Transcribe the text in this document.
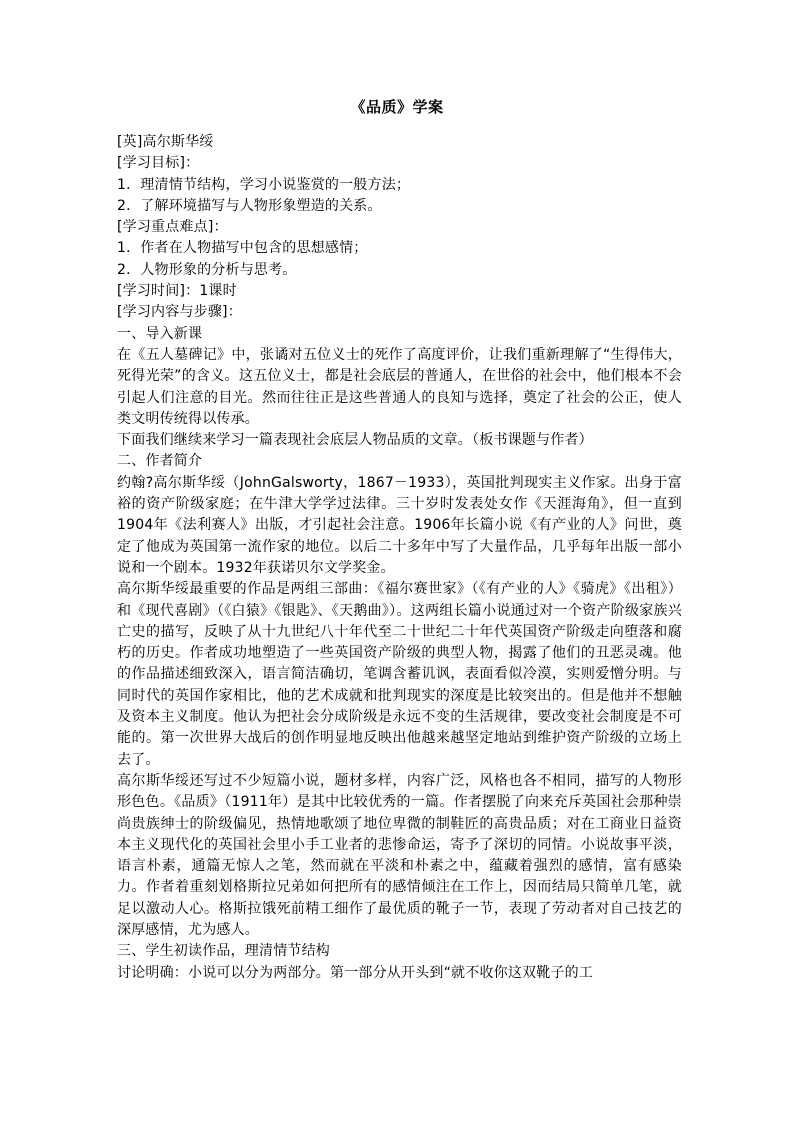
《品质》学案

[英]高尔斯华绥

[学习目标]：

1．理清情节结构，学习小说鉴赏的一般方法；

2．了解环境描写与人物形象塑造的关系。

[学习重点难点]：

1．作者在人物描写中包含的思想感情；

2．人物形象的分析与思考。

[学习时间]：1课时

[学习内容与步骤]：

一、导入新课

在《五人墓碑记》中，张谲对五位义士的死作了高度评价，让我们重新理解了“生得伟大，死得光荣”的含义。这五位义士，都是社会底层的普通人，在世俗的社会中，他们根本不会引起人们注意的目光。然而往往正是这些普通人的良知与选择，奠定了社会的公正，使人类文明传统得以传承。

下面我们继续来学习一篇表现社会底层人物品质的文章。（板书课题与作者）

二、作者简介

约翰?高尔斯华绥（JohnGalsworty，1867－1933），英国批判现实主义作家。出身于富裕的资产阶级家庭；在牛津大学学过法律。三十岁时发表处女作《天涯海角》，但一直到1904年《法利赛人》出版，才引起社会注意。1906年长篇小说《有产业的人》问世，奠定了他成为英国第一流作家的地位。以后二十多年中写了大量作品，几乎每年出版一部小说和一个剧本。1932年获诺贝尔文学奖金。

高尔斯华绥最重要的作品是两组三部曲：《福尔赛世家》（《有产业的人》《骑虎》《出租》）和《现代喜剧》（《白猿》《银匙》、《天鹅曲》）。这两组长篇小说通过对一个资产阶级家族兴亡史的描写，反映了从十九世纪八十年代至二十世纪二十年代英国资产阶级走向堕落和腐朽的历史。作者成功地塑造了一些英国资产阶级的典型人物，揭露了他们的丑恶灵魂。他的作品描述细致深入，语言简洁确切，笔调含蓄讥讽，表面看似冷漠，实则爱憎分明。与同时代的英国作家相比，他的艺术成就和批判现实的深度是比较突出的。但是他并不想触及资本主义制度。他认为把社会分成阶级是永远不变的生活规律，要改变社会制度是不可能的。第一次世界大战后的创作明显地反映出他越来越坚定地站到维护资产阶级的立场上去了。

高尔斯华绥还写过不少短篇小说，题材多样，内容广泛，风格也各不相同，描写的人物形形色色。《品质》（1911年）是其中比较优秀的一篇。作者摆脱了向来充斥英国社会那种崇尚贵族绅士的阶级偏见，热情地歌颂了地位卑微的制鞋匠的高贵品质；对在工商业日益资本主义现代化的英国社会里小手工业者的悲惨命运，寄予了深切的同情。小说故事平淡，语言朴素，通篇无惊人之笔，然而就在平淡和朴素之中，蕴藏着强烈的感情，富有感染力。作者着重刻划格斯拉兄弟如何把所有的感情倾注在工作上，因而结局只简单几笔，就足以激动人心。格斯拉饿死前精工细作了最优质的靴子一节，表现了劳动者对自己技艺的深厚感情，尤为感人。

三、学生初读作品，理清情节结构

讨论明确：小说可以分为两部分。第一部分从开头到“就不收你这双靴子的工
